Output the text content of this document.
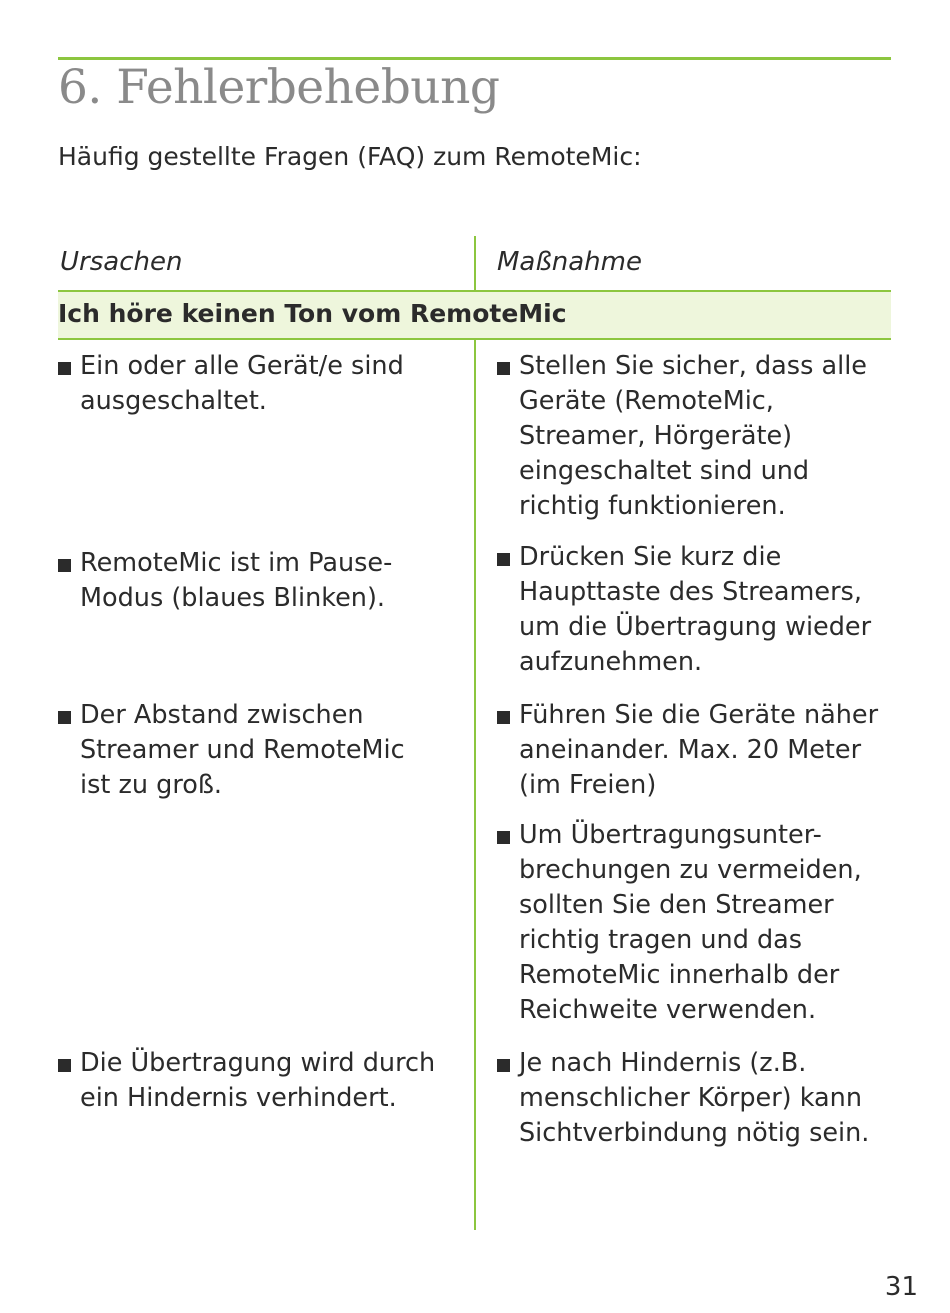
6. Fehlerbehebung
Häufig gestellte Fragen (FAQ) zum RemoteMic:
Ursachen	Maßnahme
Ich höre keinen Ton vom RemoteMic
Ein oder alle Gerät/e sind
ausgeschaltet.
RemoteMic ist im Pause-
Modus (blaues Blinken).
Der Abstand zwischen
Streamer und RemoteMic
ist zu groß.
Die Übertragung wird durch
ein Hindernis verhindert.
Stellen Sie sicher, dass alle
Geräte (RemoteMic,
Streamer, Hörgeräte)
eingeschaltet sind und
richtig funktionieren.
Drücken Sie kurz die
Haupttaste des Streamers,
um die Übertragung wieder
aufzunehmen.
Führen Sie die Geräte näher
aneinander. Max. 20 Meter
(im Freien)
Um Übertragungsunter-
brechungen zu vermeiden,
sollten Sie den Streamer
richtig tragen und das
RemoteMic innerhalb der
Reichweite verwenden.
Je nach Hindernis (z.B.
menschlicher Körper) kann
Sichtverbindung nötig sein.
31
